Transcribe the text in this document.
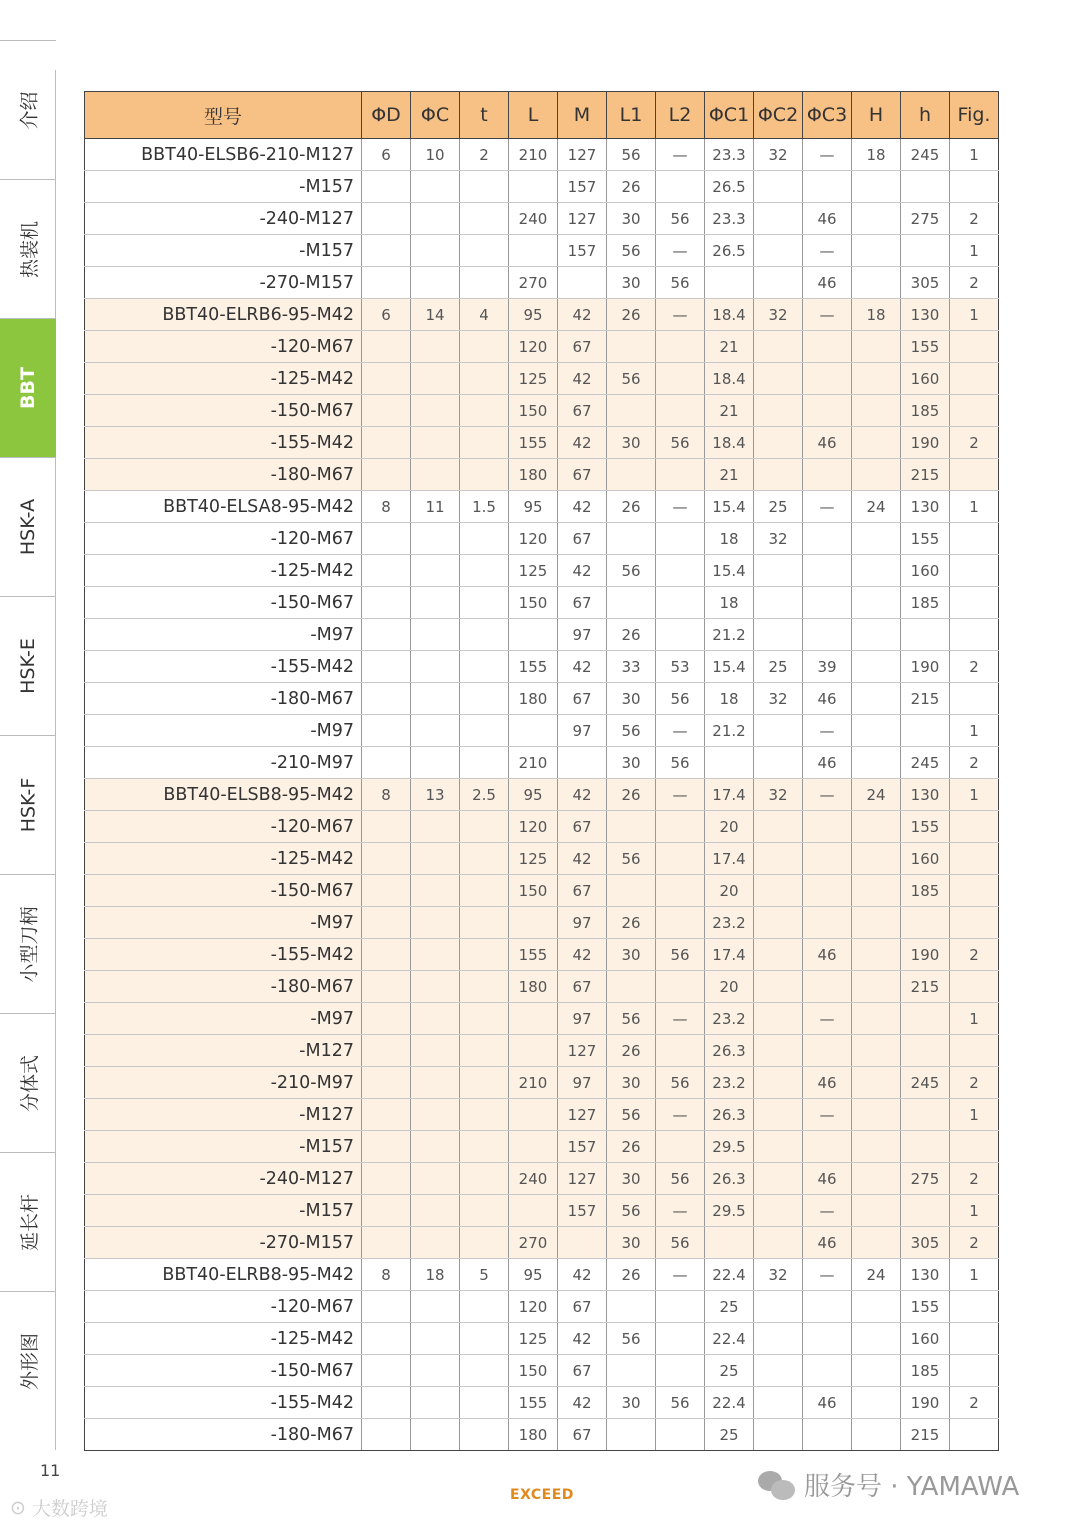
介绍
热装机
BBT
HSK-A
HSK-E
HSK-F
小型刀柄
分体式
延长杆
外形图
型号	ΦD	ΦC	t	L	M	L1	L2	ΦC1	ΦC2	ΦC3	H	h	Fig.
BBT40-ELSB6-210-M127	6	10	2	210	127	56	—	23.3	32	—	18	245	1
-M157					157	26		26.5					
-240-M127				240	127	30	56	23.3		46		275	2
-M157					157	56	—	26.5		—			1
-270-M157				270		30	56			46		305	2
BBT40-ELRB6-95-M42	6	14	4	95	42	26	—	18.4	32	—	18	130	1
-120-M67				120	67			21				155	
-125-M42				125	42	56		18.4				160	
-150-M67				150	67			21				185	
-155-M42				155	42	30	56	18.4		46		190	2
-180-M67				180	67			21				215	
BBT40-ELSA8-95-M42	8	11	1.5	95	42	26	—	15.4	25	—	24	130	1
-120-M67				120	67			18	32			155	
-125-M42				125	42	56		15.4				160	
-150-M67				150	67			18				185	
-M97					97	26		21.2					
-155-M42				155	42	33	53	15.4	25	39		190	2
-180-M67				180	67	30	56	18	32	46		215	
-M97					97	56	—	21.2		—			1
-210-M97				210		30	56			46		245	2
BBT40-ELSB8-95-M42	8	13	2.5	95	42	26	—	17.4	32	—	24	130	1
-120-M67				120	67			20				155	
-125-M42				125	42	56		17.4				160	
-150-M67				150	67			20				185	
-M97					97	26		23.2					
-155-M42				155	42	30	56	17.4		46		190	2
-180-M67				180	67			20				215	
-M97					97	56	—	23.2		—			1
-M127					127	26		26.3					
-210-M97				210	97	30	56	23.2		46		245	2
-M127					127	56	—	26.3		—			1
-M157					157	26		29.5					
-240-M127				240	127	30	56	26.3		46		275	2
-M157					157	56	—	29.5		—			1
-270-M157				270		30	56			46		305	2
BBT40-ELRB8-95-M42	8	18	5	95	42	26	—	22.4	32	—	24	130	1
-120-M67				120	67			25				155	
-125-M42				125	42	56		22.4				160	
-150-M67				150	67			25				185	
-155-M42				155	42	30	56	22.4		46		190	2
-180-M67				180	67			25				215	
11
EXCEED
⊙ 大数跨境
服务号 · YAMAWA
